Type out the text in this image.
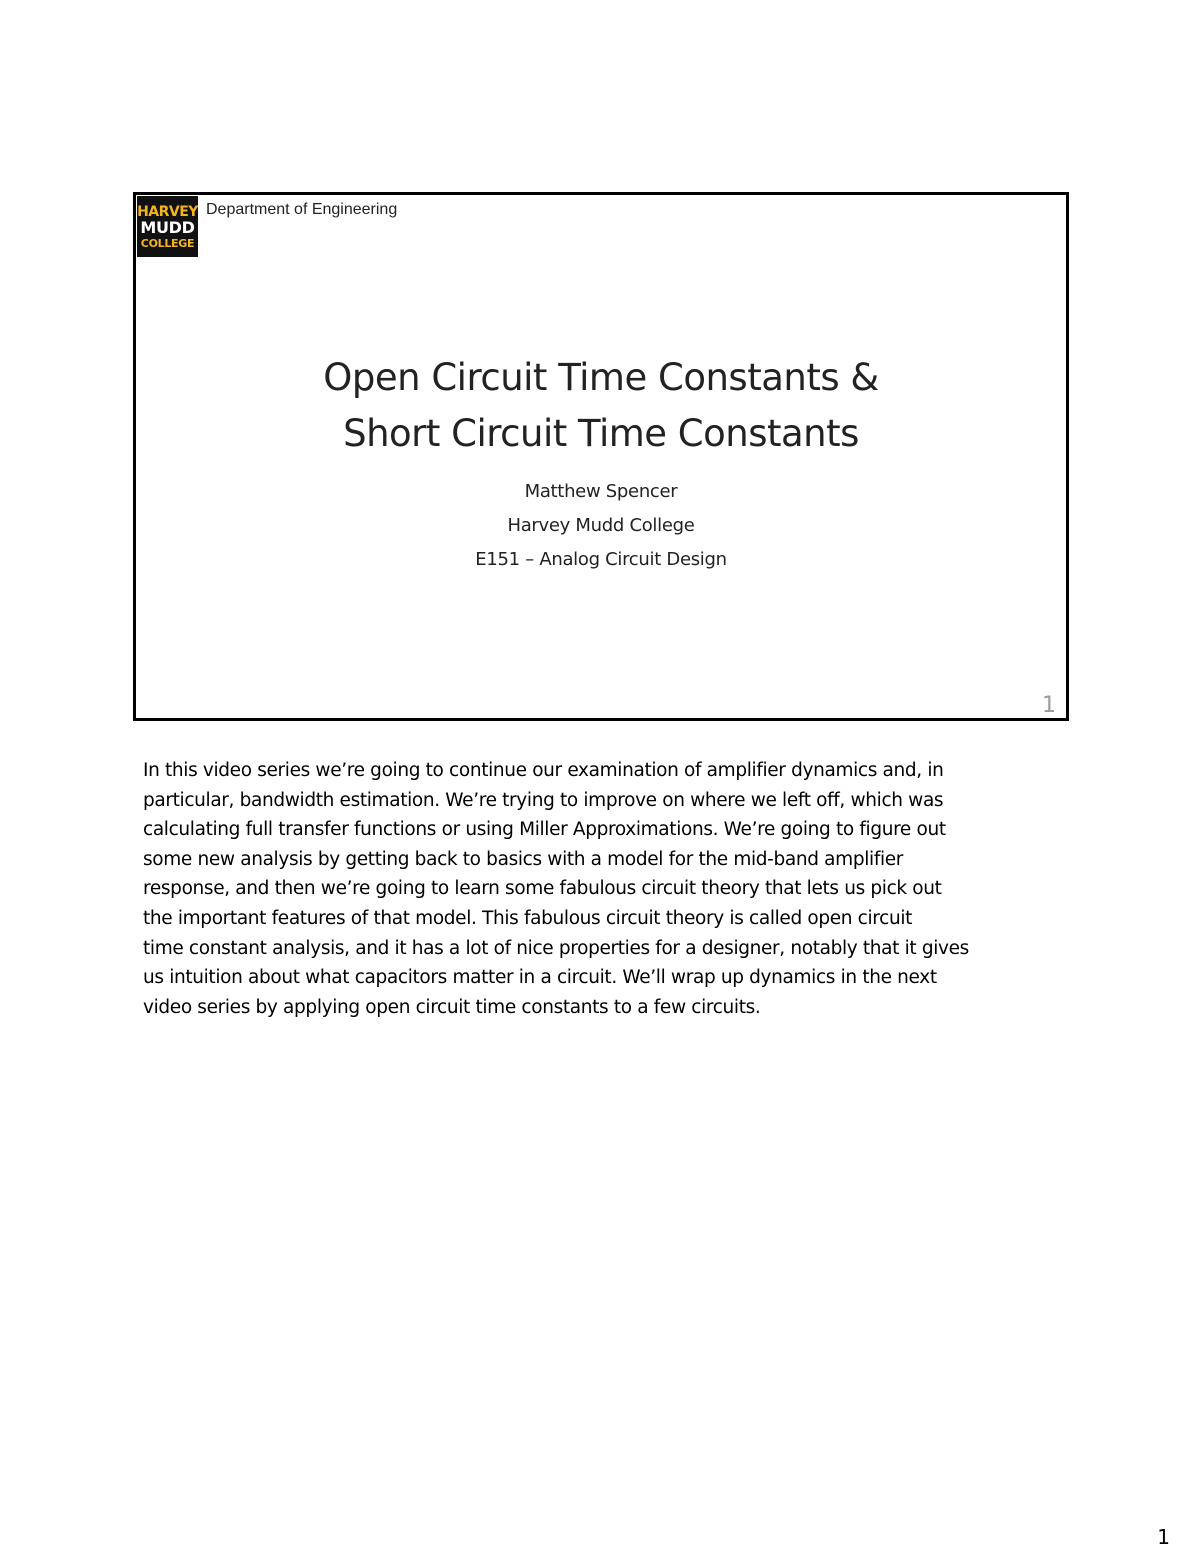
HARVEY
MUDD
COLLEGE
Department of Engineering
Open Circuit Time Constants &
Short Circuit Time Constants
Matthew Spencer
Harvey Mudd College
E151 – Analog Circuit Design
1
In this video series we’re going to continue our examination of amplifier dynamics and, in
particular, bandwidth estimation. We’re trying to improve on where we left off, which was
calculating full transfer functions or using Miller Approximations. We’re going to figure out
some new analysis by getting back to basics with a model for the mid-band amplifier
response, and then we’re going to learn some fabulous circuit theory that lets us pick out
the important features of that model. This fabulous circuit theory is called open circuit
time constant analysis, and it has a lot of nice properties for a designer, notably that it gives
us intuition about what capacitors matter in a circuit. We’ll wrap up dynamics in the next
video series by applying open circuit time constants to a few circuits.
1
